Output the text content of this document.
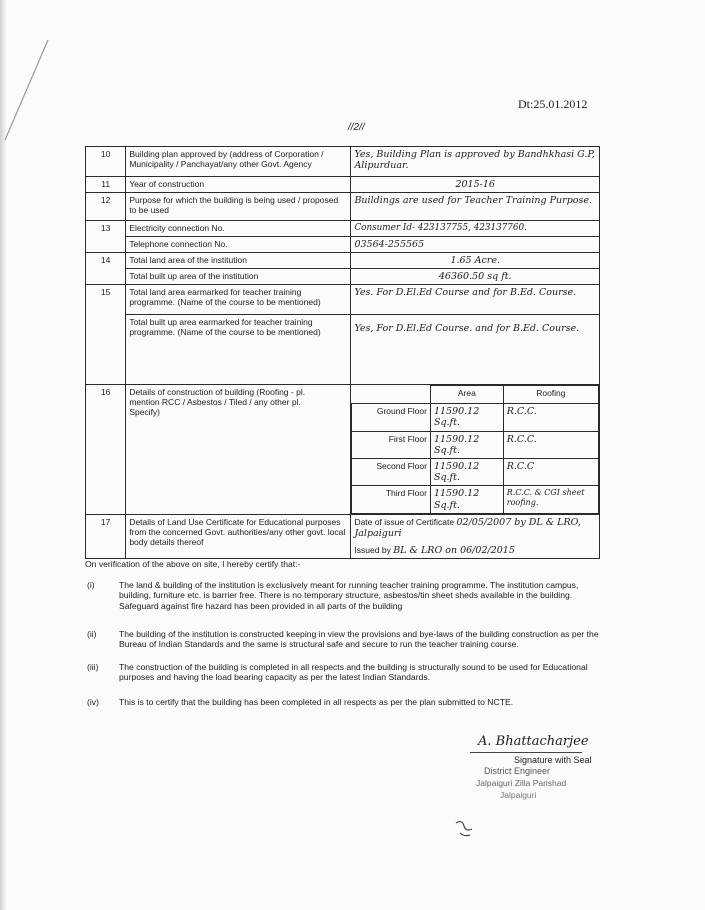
Dt:25.01.2012
//2//
10	Building plan approved by (address of Corporation / Municipality / Panchayat/any other Govt. Agency	Yes, Building Plan is approved by Bandhkhasi G.P, Alipurduar.
11	Year of construction	2015-16
12	Purpose for which the building is being used / proposed to be used	Buildings are used for Teacher Training Purpose.
13	Electricity connection No.	Consumer Id- 423137755, 423137760.
Telephone connection No.	03564-255565
14	Total land area of the institution	1.65 Acre.
Total built up area of the institution	46360.50 sq ft.
15	Total land area earmarked for teacher training programme. (Name of the course to be mentioned)	Yes. For D.El.Ed Course and for B.Ed. Course.
Total built up area earmarked for teacher training programme. (Name of the course to be mentioned)	Yes, For D.El.Ed Course. and for B.Ed. Course.
16	Details of construction of building (Roofing - pl. mention RCC / Asbestos / Tiled / any other pl. Specify)	
	Area	Roofing
Ground Floor	11590.12 Sq.ft.	R.C.C.
First Floor	11590.12 Sq.ft.	R.C.C.
Second Floor	11590.12 Sq.ft.	R.C.C
Third Floor	11590.12 Sq.ft.	R.C.C. & CGI sheet roofing.

17	Details of Land Use Certificate for Educational purposes from the concerned Govt. authorities/any other govt. local body details thereof	
Date of issue of Certificate 02/05/2007 by DL & LRO, Jalpaiguri
Issued by BL & LRO on 06/02/2015

On verification of the above on site, I hereby certify that:-

(i)	The land & building of the institution is exclusively meant for running teacher training programme. The institution campus, building, furniture etc. is barrier free. There is no temporary structure, asbestos/tin sheet sheds available in the building. Safeguard against fire hazard has been provided in all parts of the building
(ii)	The building of the institution is constructed keeping in view the provisions and bye-laws of the building construction as per the Bureau of Indian Standards and the same is structural safe and secure to run the teacher training course.
(iii) The construction of the building is completed in all respects and the building is structurally sound to be used for Educational purposes and having the load bearing capacity as per the latest Indian Standards.
(iv) This is to certify that the building has been completed in all respects as per the plan submitted to NCTE.
A. Bhattacharjee
Signature with Seal
District Engineer
Jalpaiguri Zilla Parishad
Jalpaiguri
